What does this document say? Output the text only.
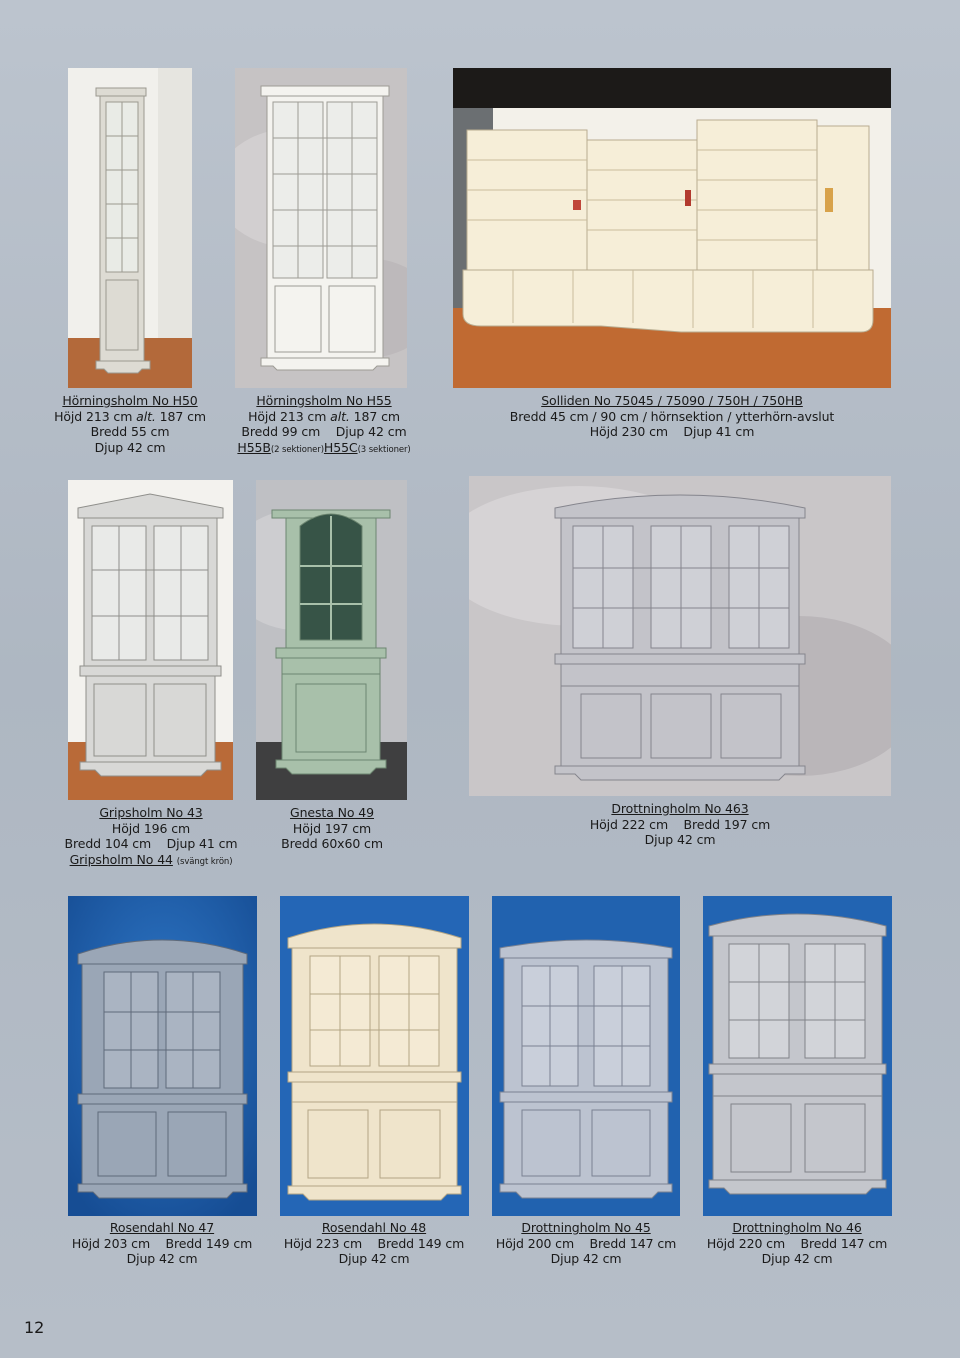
Hörningsholm No H50
Höjd 213 cm alt. 187 cm
Bredd 55 cm
Djup 42 cm
Hörningsholm No H55
Höjd 213 cm alt. 187 cm
Bredd 99 cm    Djup 42 cm
H55B(2 sektioner)H55C(3 sektioner)
Solliden No 75045 / 75090 / 750H / 750HB
Bredd 45 cm / 90 cm / hörnsektion / ytterhörn-avslut
Höjd 230 cm    Djup 41 cm
Gripsholm No 43
Höjd 196 cm
Bredd 104 cm    Djup 41 cm
Gripsholm No 44 (svängt krön)
Gnesta No 49
Höjd 197 cm
Bredd 60x60 cm
Drottningholm No 463
Höjd 222 cm    Bredd 197 cm
Djup 42 cm
Rosendahl No 47
Höjd 203 cm    Bredd 149 cm
Djup 42 cm
Rosendahl No 48
Höjd 223 cm    Bredd 149 cm
Djup 42 cm
Drottningholm No 45
Höjd 200 cm    Bredd 147 cm
Djup 42 cm
Drottningholm No 46
Höjd 220 cm    Bredd 147 cm
Djup 42 cm
12
